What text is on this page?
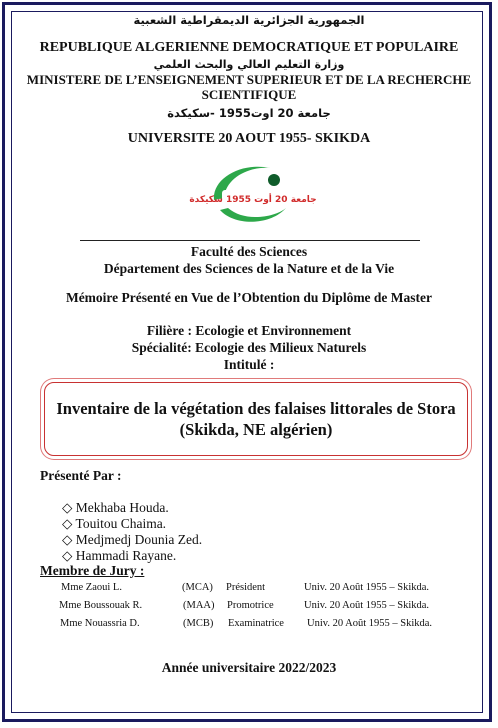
الجمهورية الجزائرية الديمقراطية الشعبية
REPUBLIQUE ALGERIENNE DEMOCRATIQUE ET POPULAIRE
وزارة التعليم العالي والبحث العلمي
MINISTERE DE L’ENSEIGNEMENT SUPERIEUR ET DE LA RECHERCHE
SCIENTIFIQUE
جامعة 20 اوت1955 -سكيكدة
UNIVERSITE 20 AOUT 1955- SKIKDA
جامعة 20 أوت 1955 سكيكدة
Faculté des Sciences
Département des Sciences de la Nature et de la Vie
Mémoire Présenté en Vue de l’Obtention du Diplôme de Master
Filière : Ecologie et Environnement
Spécialité: Ecologie des Milieux Naturels
Intitulé :
Inventaire de la végétation des falaises littorales de Stora
(Skikda, NE algérien)
Présenté Par :
◇ Mekhaba Houda.
◇ Touitou Chaima.
◇ Medjmedj Dounia Zed.
◇ Hammadi Rayane.
Membre de Jury :
Mme Zaoui L.	(MCA) Président	Univ. 20 Août 1955 – Skikda.
Mme Boussouak R.	(MAA) Promotrice	Univ. 20 Août 1955 – Skikda.
Mme Nouassria D.	(MCB) Examinatrice Univ. 20 Août 1955 – Skikda.
Année universitaire 2022/2023
